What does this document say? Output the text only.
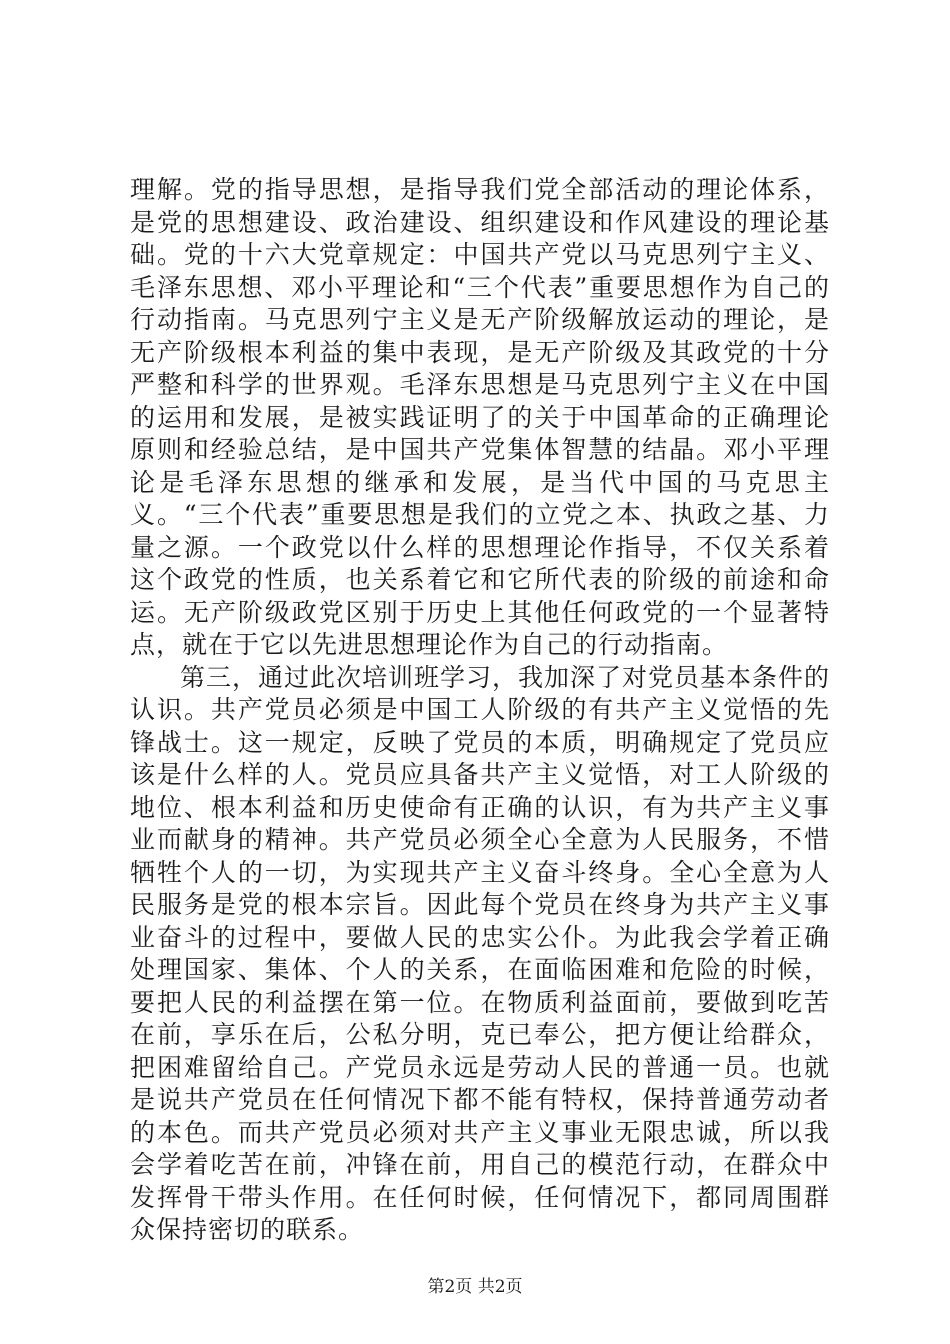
理解。党的指导思想，是指导我们党全部活动的理论体系，是党的思想建设、政治建设、组织建设和作风建设的理论基础。党的十六大党章规定：中国共产党以马克思列宁主义、毛泽东思想、邓小平理论和“三个代表”重要思想作为自己的行动指南。马克思列宁主义是无产阶级解放运动的理论，是无产阶级根本利益的集中表现，是无产阶级及其政党的十分严整和科学的世界观。毛泽东思想是马克思列宁主义在中国的运用和发展，是被实践证明了的关于中国革命的正确理论原则和经验总结，是中国共产党集体智慧的结晶。邓小平理论是毛泽东思想的继承和发展，是当代中国的马克思主义。“三个代表”重要思想是我们的立党之本、执政之基、力量之源。一个政党以什么样的思想理论作指导，不仅关系着这个政党的性质，也关系着它和它所代表的阶级的前途和命运。无产阶级政党区别于历史上其他任何政党的一个显著特点，就在于它以先进思想理论作为自己的行动指南。

第三，通过此次培训班学习，我加深了对党员基本条件的认识。共产党员必须是中国工人阶级的有共产主义觉悟的先锋战士。这一规定，反映了党员的本质，明确规定了党员应该是什么样的人。党员应具备共产主义觉悟，对工人阶级的地位、根本利益和历史使命有正确的认识，有为共产主义事业而献身的精神。共产党员必须全心全意为人民服务，不惜牺牲个人的一切，为实现共产主义奋斗终身。全心全意为人民服务是党的根本宗旨。因此每个党员在终身为共产主义事业奋斗的过程中，要做人民的忠实公仆。为此我会学着正确处理国家、集体、个人的关系，在面临困难和危险的时候，要把人民的利益摆在第一位。在物质利益面前，要做到吃苦在前，享乐在后，公私分明，克已奉公，把方便让给群众，把困难留给自己。产党员永远是劳动人民的普通一员。也就是说共产党员在任何情况下都不能有特权，保持普通劳动者的本色。而共产党员必须对共产主义事业无限忠诚，所以我会学着吃苦在前，冲锋在前，用自己的模范行动，在群众中发挥骨干带头作用。在任何时候，任何情况下，都同周围群众保持密切的联系。

第2页 共2页
